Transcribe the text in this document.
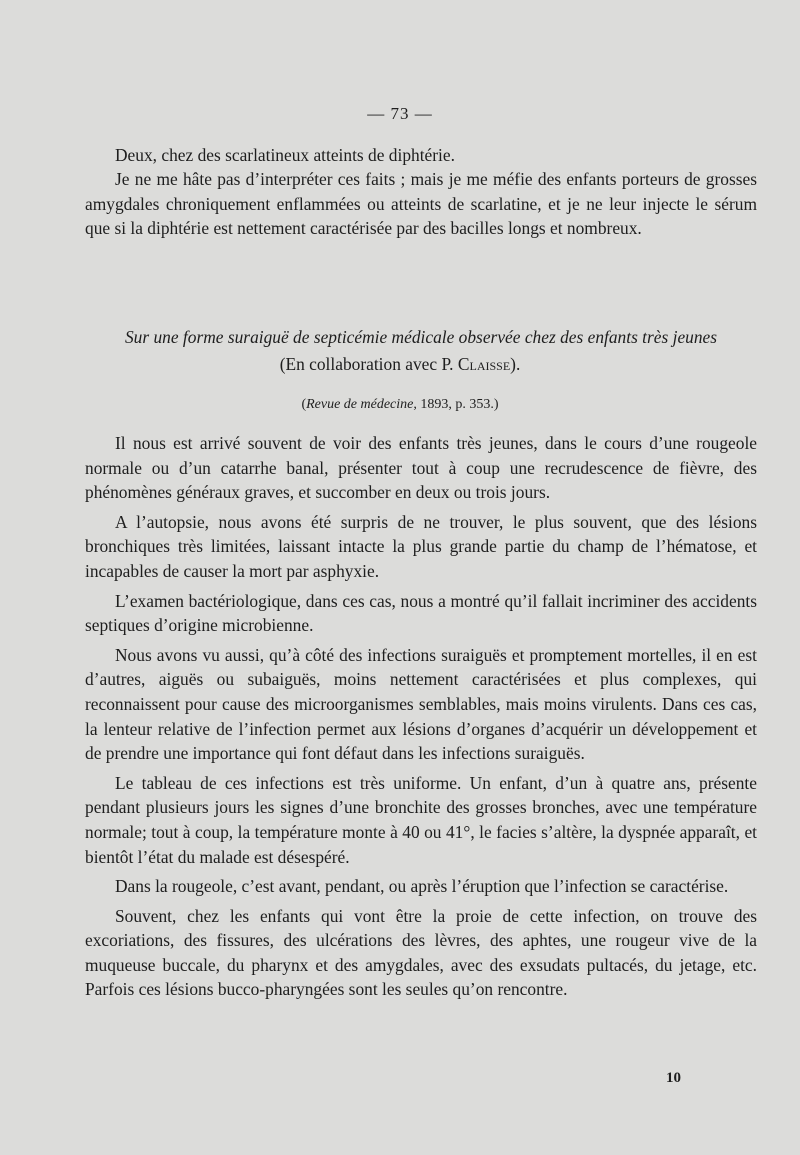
— 73 —

Deux, chez des scarlatineux atteints de diphtérie.

Je ne me hâte pas d’interpréter ces faits ; mais je me méfie des enfants porteurs de grosses amygdales chroniquement enflammées ou atteints de scarlatine, et je ne leur injecte le sérum que si la diphtérie est nettement caractérisée par des bacilles longs et nombreux.

Sur une forme suraiguë de septicémie médicale observée chez des enfants très jeunes
(En collaboration avec P. Claisse).
(Revue de médecine, 1893, p. 353.)

Il nous est arrivé souvent de voir des enfants très jeunes, dans le cours d’une rougeole normale ou d’un catarrhe banal, présenter tout à coup une recrudescence de fièvre, des phénomènes généraux graves, et succomber en deux ou trois jours.

A l’autopsie, nous avons été surpris de ne trouver, le plus souvent, que des lésions bronchiques très limitées, laissant intacte la plus grande partie du champ de l’hématose, et incapables de causer la mort par asphyxie.

L’examen bactériologique, dans ces cas, nous a montré qu’il fallait incriminer des accidents septiques d’origine microbienne.

Nous avons vu aussi, qu’à côté des infections suraiguës et promptement mortelles, il en est d’autres, aiguës ou subaiguës, moins nettement caractérisées et plus complexes, qui reconnaissent pour cause des microorganismes semblables, mais moins virulents. Dans ces cas, la lenteur relative de l’infection permet aux lésions d’organes d’acquérir un développement et de prendre une importance qui font défaut dans les infections suraiguës.

Le tableau de ces infections est très uniforme. Un enfant, d’un à quatre ans, présente pendant plusieurs jours les signes d’une bronchite des grosses bronches, avec une température normale; tout à coup, la température monte à 40 ou 41°, le facies s’altère, la dyspnée apparaît, et bientôt l’état du malade est désespéré.

Dans la rougeole, c’est avant, pendant, ou après l’éruption que l’infection se caractérise.

Souvent, chez les enfants qui vont être la proie de cette infection, on trouve des excoriations, des fissures, des ulcérations des lèvres, des aphtes, une rougeur vive de la muqueuse buccale, du pharynx et des amygdales, avec des exsudats pultacés, du jetage, etc. Parfois ces lésions bucco-pharyngées sont les seules qu’on rencontre.

10
